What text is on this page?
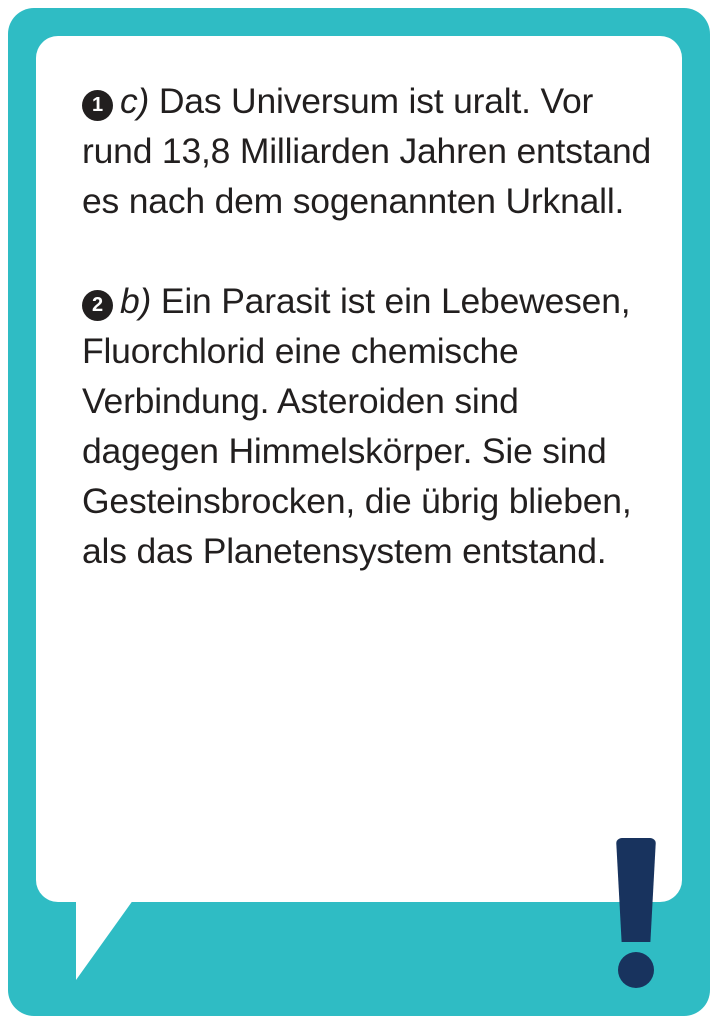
1 c) Das Universum ist uralt. Vor rund 13,8 Milliarden Jahren entstand es nach dem sogenannten Urknall.

2 b) Ein Parasit ist ein Lebewesen, Fluorchlorid eine chemische Verbindung. Asteroiden sind dagegen Himmelskörper. Sie sind Gesteinsbrocken, die übrig blieben, als das Planetensystem entstand.
